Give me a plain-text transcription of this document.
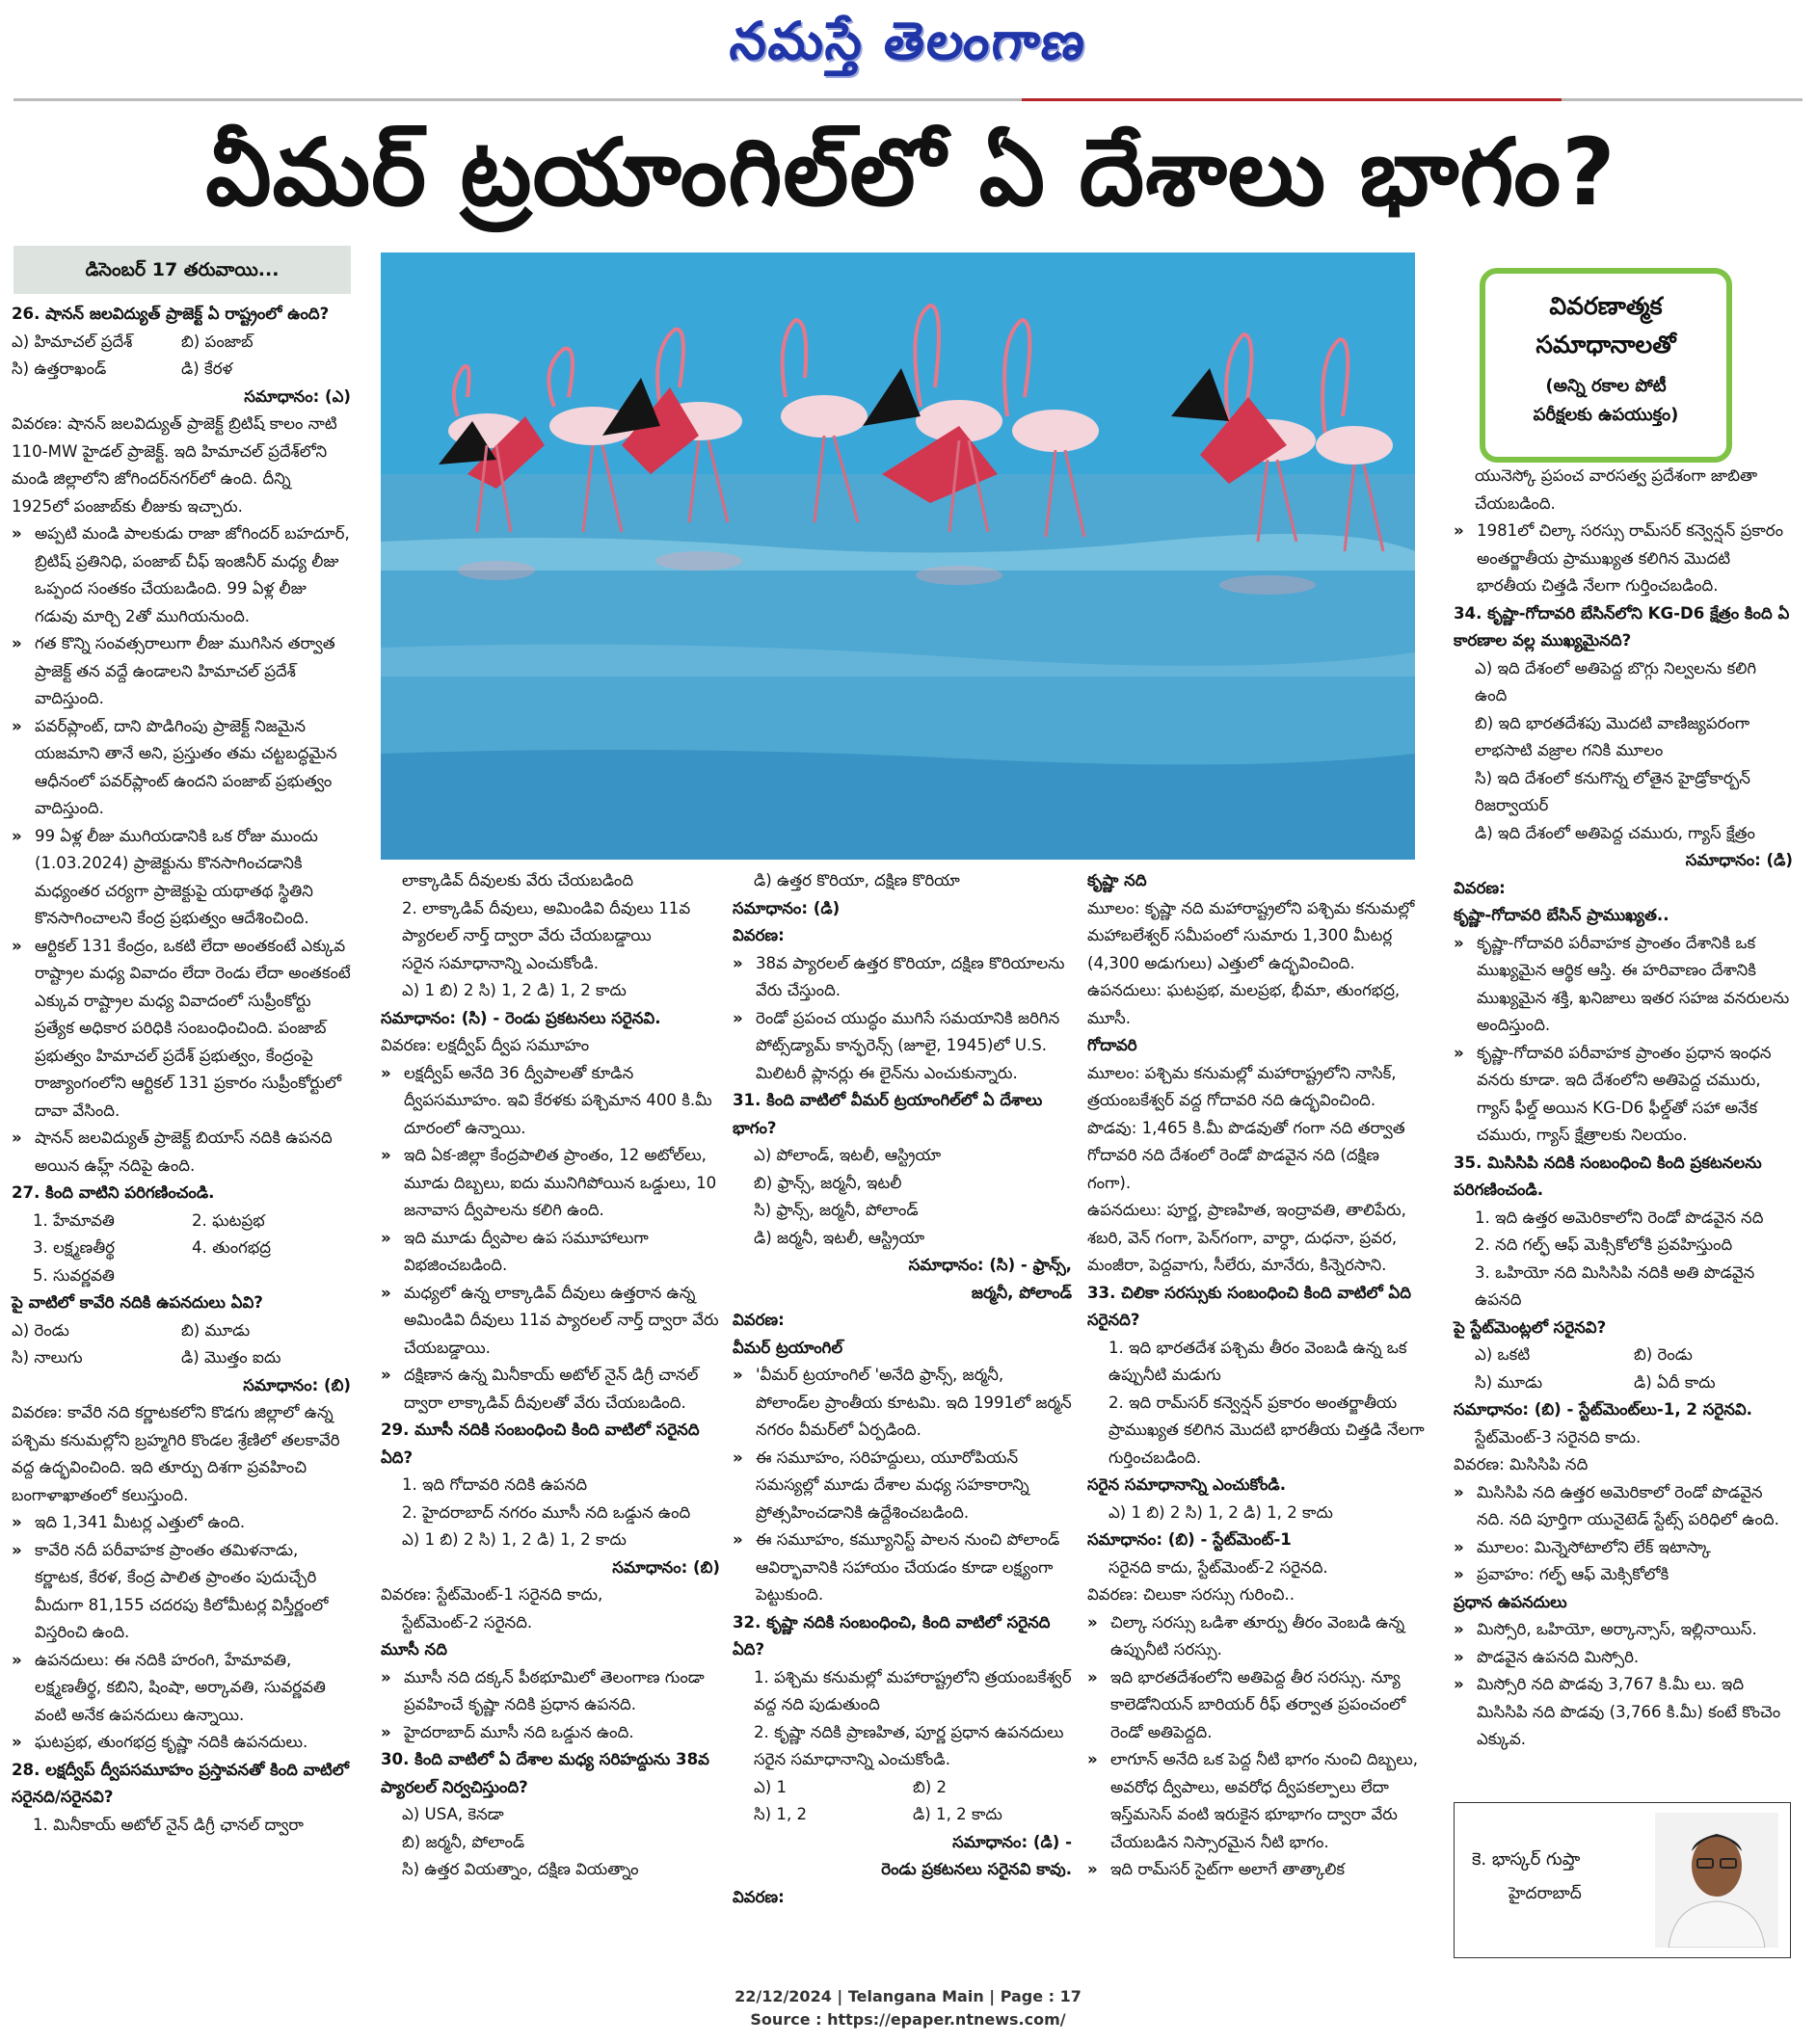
నమస్తే తెలంగాణ
వీమర్ ట్రయాంగిల్‌లో ఏ దేశాలు భాగం?
డిసెంబర్ 17 తరువాయి...
వివరణాత్మక
సమాధానాలతో
(అన్ని రకాల పోటీ
పరీక్షలకు ఉపయుక్తం)

26. షానన్ జలవిద్యుత్ ప్రాజెక్ట్ ఏ రాష్ట్రంలో ఉంది?

ఎ) హిమాచల్ ప్రదేశ్	బి) పంజాబ్
సి) ఉత్తరాఖండ్	డి) కేరళ

సమాధానం: (ఎ)

వివరణ: షానన్ జలవిద్యుత్ ప్రాజెక్ట్ బ్రిటిష్ కాలం నాటి 110-MW హైడల్ ప్రాజెక్ట్. ఇది హిమాచల్ ప్రదేశ్‌లోని మండి జిల్లాలోని జోగిందర్‌నగర్‌లో ఉంది. దీన్ని 1925లో పంజాబ్‌కు లీజుకు ఇచ్చారు.

» అప్పటి మండి పాలకుడు రాజా జోగిందర్ బహదూర్, బ్రిటిష్ ప్రతినిధి, పంజాబ్ చీఫ్ ఇంజినీర్ మధ్య లీజు ఒప్పంద సంతకం చేయబడింది. 99 ఏళ్ల లీజు గడువు మార్చి 2తో ముగియనుంది.

» గత కొన్ని సంవత్సరాలుగా లీజు ముగిసిన తర్వాత ప్రాజెక్ట్ తన వద్దే ఉండాలని హిమాచల్ ప్రదేశ్ వాదిస్తుంది.

» పవర్‌ప్లాంట్, దాని పొడిగింపు ప్రాజెక్ట్ నిజమైన యజమాని తానే అని, ప్రస్తుతం తమ చట్టబద్ధమైన ఆధీనంలో పవర్‌ప్లాంట్ ఉందని పంజాబ్ ప్రభుత్వం వాదిస్తుంది.

» 99 ఏళ్ల లీజు ముగియడానికి ఒక రోజు ముందు (1.03.2024) ప్రాజెక్టును కొనసాగించడానికి మధ్యంతర చర్యగా ప్రాజెక్టుపై యథాతథ స్థితిని కొనసాగించాలని కేంద్ర ప్రభుత్వం ఆదేశించింది.

» ఆర్టికల్ 131 కేంద్రం, ఒకటి లేదా అంతకంటే ఎక్కువ రాష్ట్రాల మధ్య వివాదం లేదా రెండు లేదా అంతకంటే ఎక్కువ రాష్ట్రాల మధ్య వివాదంలో సుప్రీంకోర్టు ప్రత్యేక అధికార పరిధికి సంబంధించింది. పంజాబ్ ప్రభుత్వం హిమాచల్ ప్రదేశ్ ప్రభుత్వం, కేంద్రంపై రాజ్యాంగంలోని ఆర్టికల్ 131 ప్రకారం సుప్రీంకోర్టులో దావా వేసింది.

» షానన్ జలవిద్యుత్ ప్రాజెక్ట్ బియాస్ నదికి ఉపనది అయిన ఉహ్ల్ నదిపై ఉంది.

27. కింది వాటిని పరిగణించండి.

1. హేమావతి	2. ఘటప్రభ
3. లక్ష్మణతీర్థ	4. తుంగభద్ర
5. సువర్ణవతి

పై వాటిలో కావేరి నదికి ఉపనదులు ఏవి?

ఎ) రెండు	బి) మూడు
సి) నాలుగు	డి) మొత్తం ఐదు

సమాధానం: (బి)

వివరణ: కావేరి నది కర్ణాటకలోని కొడగు జిల్లాలో ఉన్న పశ్చిమ కనుమల్లోని బ్రహ్మగిరి కొండల శ్రేణిలో తలకావేరి వద్ద ఉద్భవించింది. ఇది తూర్పు దిశగా ప్రవహించి బంగాళాఖాతంలో కలుస్తుంది.

» ఇది 1,341 మీటర్ల ఎత్తులో ఉంది.

» కావేరి నదీ పరీవాహక ప్రాంతం తమిళనాడు, కర్ణాటక, కేరళ, కేంద్ర పాలిత ప్రాంతం పుదుచ్చేరి మీదుగా 81,155 చదరపు కిలోమీటర్ల విస్తీర్ణంలో విస్తరించి ఉంది.

» ఉపనదులు: ఈ నదికి హరంగి, హేమావతి, లక్ష్మణతీర్థ, కబిని, షింషా, అర్కావతి, సువర్ణవతి వంటి అనేక ఉపనదులు ఉన్నాయి.

» ఘటప్రభ, తుంగభద్ర కృష్ణా నదికి ఉపనదులు.

28. లక్షద్వీప్ ద్వీపసమూహం ప్రస్తావనతో కింది వాటిలో సరైనది/సరైనవి?

1. మినీకాయ్ అటోల్ నైన్ డిగ్రీ ఛానల్ ద్వారా

లాక్కాడివ్ దీవులకు వేరు చేయబడింది

2. లాక్కాడివ్ దీవులు, అమిండివి దీవులు 11వ ప్యారలల్ నార్త్ ద్వారా వేరు చేయబడ్డాయి

సరైన సమాధానాన్ని ఎంచుకోండి.

ఎ) 1 బి) 2 సి) 1, 2 డి) 1, 2 కాదు

సమాధానం: (సి) - రెండు ప్రకటనలు సరైనవి.

వివరణ: లక్షద్వీప్ ద్వీప సమూహం

» లక్షద్వీప్ అనేది 36 ద్వీపాలతో కూడిన ద్వీపసమూహం. ఇవి కేరళకు పశ్చిమాన 400 కి.మీ దూరంలో ఉన్నాయి.

» ఇది ఏక-జిల్లా కేంద్రపాలిత ప్రాంతం, 12 అటోల్‌లు, మూడు దిబ్బలు, ఐదు మునిగిపోయిన ఒడ్డులు, 10 జనావాస ద్వీపాలను కలిగి ఉంది.

» ఇది మూడు ద్వీపాల ఉప సమూహాలుగా విభజించబడింది.

» మధ్యలో ఉన్న లాక్కాడివ్ దీవులు ఉత్తరాన ఉన్న అమిండివి దీవులు 11వ ప్యారలల్ నార్త్ ద్వారా వేరు చేయబడ్డాయి.

» దక్షిణాన ఉన్న మినీకాయ్ అటోల్ నైన్ డిగ్రీ చానల్ ద్వారా లాక్కాడివ్ దీవులతో వేరు చేయబడింది.

29. మూసీ నదికి సంబంధించి కింది వాటిలో సరైనది ఏది?

1. ఇది గోదావరి నదికి ఉపనది

2. హైదరాబాద్ నగరం మూసీ నది ఒడ్డున ఉంది

ఎ) 1 బి) 2 సి) 1, 2 డి) 1, 2 కాదు

సమాధానం: (బి)

వివరణ: స్టేట్‌మెంట్-1 సరైనది కాదు,

స్టేట్‌మెంట్-2 సరైనది.

మూసీ నది

» మూసీ నది దక్కన్ పీఠభూమిలో తెలంగాణ గుండా ప్రవహించే కృష్ణా నదికి ప్రధాన ఉపనది.

» హైదరాబాద్ మూసీ నది ఒడ్డున ఉంది.

30. కింది వాటిలో ఏ దేశాల మధ్య సరిహద్దును 38వ ప్యారలల్ నిర్వచిస్తుంది?

ఎ) USA, కెనడా

బి) జర్మనీ, పోలాండ్

సి) ఉత్తర వియత్నాం, దక్షిణ వియత్నాం

డి) ఉత్తర కొరియా, దక్షిణ కొరియా

సమాధానం: (డి)

వివరణ:

» 38వ ప్యారలల్ ఉత్తర కొరియా, దక్షిణ కొరియాలను వేరు చేస్తుంది.

» రెండో ప్రపంచ యుద్ధం ముగిసే సమయానికి జరిగిన పోట్స్‌డ్యామ్ కాన్ఫరెన్స్ (జూలై, 1945)లో U.S. మిలిటరీ ప్లానర్లు ఈ లైన్‌ను ఎంచుకున్నారు.

31. కింది వాటిలో వీమర్ ట్రయాంగిల్‌లో ఏ దేశాలు భాగం?

ఎ) పోలాండ్, ఇటలీ, ఆస్ట్రియా

బి) ఫ్రాన్స్, జర్మనీ, ఇటలీ

సి) ఫ్రాన్స్, జర్మనీ, పోలాండ్

డి) జర్మనీ, ఇటలీ, ఆస్ట్రియా

సమాధానం: (సి) - ఫ్రాన్స్,

జర్మనీ, పోలాండ్

వివరణ:

వీమర్ ట్రయాంగిల్

» 'వీమర్ ట్రయాంగిల్ 'అనేది ఫ్రాన్స్, జర్మనీ, పోలాండ్‌ల ప్రాంతీయ కూటమి. ఇది 1991లో జర్మన్ నగరం వీమర్‌లో ఏర్పడింది.

» ఈ సమూహం, సరిహద్దులు, యూరోపియన్ సమస్యల్లో మూడు దేశాల మధ్య సహకారాన్ని ప్రోత్సహించడానికి ఉద్దేశించబడింది.

» ఈ సమూహం, కమ్యూనిస్ట్ పాలన నుంచి పోలాండ్ ఆవిర్భావానికి సహాయం చేయడం కూడా లక్ష్యంగా పెట్టుకుంది.

32. కృష్ణా నదికి సంబంధించి, కింది వాటిలో సరైనది ఏది?

1. పశ్చిమ కనుమల్లో మహారాష్ట్రలోని త్రయంబకేశ్వర్ వద్ద నది పుడుతుంది

2. కృష్ణా నదికి ప్రాణహిత, పూర్ణ ప్రధాన ఉపనదులు

సరైన సమాధానాన్ని ఎంచుకోండి.

ఎ) 1	బి) 2
సి) 1, 2	డి) 1, 2 కాదు

సమాధానం: (డి) -

రెండు ప్రకటనలు సరైనవి కావు.

వివరణ:

కృష్ణా నది

మూలం: కృష్ణా నది మహారాష్ట్రలోని పశ్చిమ కనుమల్లో మహాబలేశ్వర్ సమీపంలో సుమారు 1,300 మీటర్ల (4,300 అడుగులు) ఎత్తులో ఉద్భవించింది.

ఉపనదులు: ఘటప్రభ, మలప్రభ, భీమా, తుంగభద్ర, మూసీ.

గోదావరి

మూలం: పశ్చిమ కనుమల్లో మహారాష్ట్రలోని నాసిక్, త్రయంబకేశ్వర్ వద్ద గోదావరి నది ఉద్భవించింది.

పొడవు: 1,465 కి.మీ పొడవుతో గంగా నది తర్వాత గోదావరి నది దేశంలో రెండో పొడవైన నది (దక్షిణ గంగా).

ఉపనదులు: పూర్ణ, ప్రాణహిత, ఇంద్రావతి, తాలిపేరు, శబరి, వెన్ గంగా, పెన్‌గంగా, వార్ధా, దుధనా, ప్రవర, మంజీరా, పెద్దవాగు, సీలేరు, మానేరు, కిన్నెరసాని.

33. చిలికా సరస్సుకు సంబంధించి కింది వాటిలో ఏది సరైనది?

1. ఇది భారతదేశ పశ్చిమ తీరం వెంబడి ఉన్న ఒక ఉప్పునీటి మడుగు

2. ఇది రామ్‌సర్ కన్వెన్షన్ ప్రకారం అంతర్జాతీయ ప్రాముఖ్యత కలిగిన మొదటి భారతీయ చిత్తడి నేలగా గుర్తించబడింది.

సరైన సమాధానాన్ని ఎంచుకోండి.

ఎ) 1 బి) 2 సి) 1, 2 డి) 1, 2 కాదు

సమాధానం: (బి) - స్టేట్‌మెంట్-1

సరైనది కాదు, స్టేట్‌మెంట్-2 సరైనది.

వివరణ: చిలుకా సరస్సు గురించి..

» చిల్కా సరస్సు ఒడిశా తూర్పు తీరం వెంబడి ఉన్న ఉప్పునీటి సరస్సు.

» ఇది భారతదేశంలోని అతిపెద్ద తీర సరస్సు. న్యూ కాలెడోనియన్ బారియర్ రీఫ్ తర్వాత ప్రపంచంలో రెండో అతిపెద్దది.

» లాగూన్ అనేది ఒక పెద్ద నీటి భాగం నుంచి దిబ్బలు, అవరోధ ద్వీపాలు, అవరోధ ద్వీపకల్పాలు లేదా ఇస్త్‌మసెస్ వంటి ఇరుకైన భూభాగం ద్వారా వేరు చేయబడిన నిస్సారమైన నీటి భాగం.

» ఇది రామ్‌సర్ సైట్‌గా అలాగే తాత్కాలిక

యునెస్కో ప్రపంచ వారసత్వ ప్రదేశంగా జాబితా చేయబడింది.

» 1981లో చిల్కా సరస్సు రామ్‌సర్ కన్వెన్షన్ ప్రకారం అంతర్జాతీయ ప్రాముఖ్యత కలిగిన మొదటి భారతీయ చిత్తడి నేలగా గుర్తించబడింది.

34. కృష్ణా-గోదావరి బేసిన్‌లోని KG-D6 క్షేత్రం కింది ఏ కారణాల వల్ల ముఖ్యమైనది?

ఎ) ఇది దేశంలో అతిపెద్ద బొగ్గు నిల్వలను కలిగి ఉంది

బి) ఇది భారతదేశపు మొదటి వాణిజ్యపరంగా లాభసాటి వజ్రాల గనికి మూలం

సి) ఇది దేశంలో కనుగొన్న లోతైన హైడ్రోకార్బన్ రిజర్వాయర్

డి) ఇది దేశంలో అతిపెద్ద చమురు, గ్యాస్ క్షేత్రం

సమాధానం: (డి)

వివరణ:

కృష్ణా-గోదావరి బేసిన్ ప్రాముఖ్యత..

» కృష్ణా-గోదావరి పరీవాహక ప్రాంతం దేశానికి ఒక ముఖ్యమైన ఆర్థిక ఆస్తి. ఈ హరివాణం దేశానికి ముఖ్యమైన శక్తి, ఖనిజాలు ఇతర సహజ వనరులను అందిస్తుంది.

» కృష్ణా-గోదావరి పరీవాహక ప్రాంతం ప్రధాన ఇంధన వనరు కూడా. ఇది దేశంలోని అతిపెద్ద చమురు, గ్యాస్ ఫీల్డ్ అయిన KG-D6 ఫీల్డ్‌తో సహా అనేక చమురు, గ్యాస్ క్షేత్రాలకు నిలయం.

35. మిసిసిపి నదికి సంబంధించి కింది ప్రకటనలను పరిగణించండి.

1. ఇది ఉత్తర అమెరికాలోని రెండో పొడవైన నది

2. నది గల్ఫ్ ఆఫ్ మెక్సికోలోకి ప్రవహిస్తుంది

3. ఒహియో నది మిసిసిపి నదికి అతి పొడవైన ఉపనది

పై స్టేట్‌మెంట్లలో సరైనవి?

ఎ) ఒకటి	బి) రెండు
సి) మూడు	డి) ఏదీ కాదు

సమాధానం: (బి) - స్టేట్‌మెంట్‌లు-1, 2 సరైనవి.

స్టేట్‌మెంట్-3 సరైనది కాదు.

వివరణ: మిసిసిపి నది

» మిసిసిపి నది ఉత్తర అమెరికాలో రెండో పొడవైన నది. నది పూర్తిగా యునైటెడ్ స్టేట్స్ పరిధిలో ఉంది.

» మూలం: మిన్నెసోటాలోని లేక్ ఇటాస్కా

» ప్రవాహం: గల్ఫ్ ఆఫ్ మెక్సికోలోకి

ప్రధాన ఉపనదులు

» మిస్సోరి, ఒహియో, అర్కాన్సాస్, ఇల్లినాయిస్.

» పొడవైన ఉపనది మిస్సోరి.

» మిస్సోరి నది పొడవు 3,767 కి.మీ లు. ఇది మిసిసిపి నది పొడవు (3,766 కి.మీ) కంటే కొంచెం ఎక్కువ.

కె. భాస్కర్ గుప్తా
హైదరాబాద్
22/12/2024 | Telangana Main | Page : 17
Source : https://epaper.ntnews.com/
